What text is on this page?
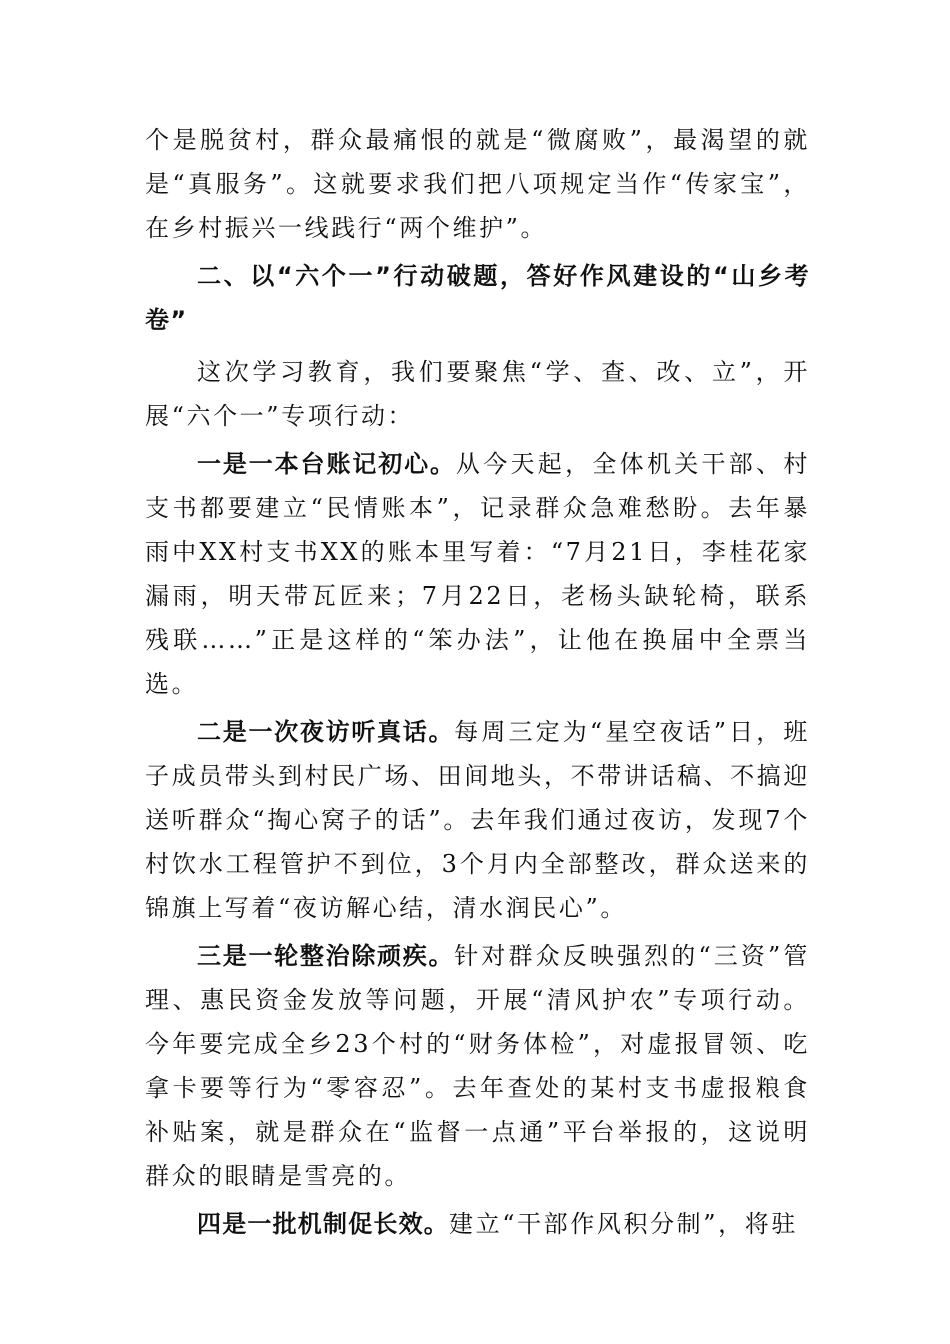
个是脱贫村，群众最痛恨的就是“微腐败”，最渴望的就是“真服务”。这就要求我们把八项规定当作“传家宝”，在乡村振兴一线践行“两个维护”。

二、以“六个一”行动破题，答好作风建设的“山乡考卷”

这次学习教育，我们要聚焦“学、查、改、立”，开展“六个一”专项行动：

一是一本台账记初心。从今天起，全体机关干部、村支书都要建立“民情账本”，记录群众急难愁盼。去年暴雨中XX村支书XX的账本里写着：“7月21日，李桂花家漏雨，明天带瓦匠来；7月22日，老杨头缺轮椅，联系残联……”正是这样的“笨办法”，让他在换届中全票当选。

二是一次夜访听真话。每周三定为“星空夜话”日，班子成员带头到村民广场、田间地头，不带讲话稿、不搞迎送听群众“掏心窝子的话”。去年我们通过夜访，发现7个村饮水工程管护不到位，3个月内全部整改，群众送来的锦旗上写着“夜访解心结，清水润民心”。

三是一轮整治除顽疾。针对群众反映强烈的“三资”管理、惠民资金发放等问题，开展“清风护农”专项行动。今年要完成全乡23个村的“财务体检”，对虚报冒领、吃拿卡要等行为“零容忍”。去年查处的某村支书虚报粮食补贴案，就是群众在“监督一点通”平台举报的，这说明群众的眼睛是雪亮的。

四是一批机制促长效。建立“干部作风积分制”，将驻
